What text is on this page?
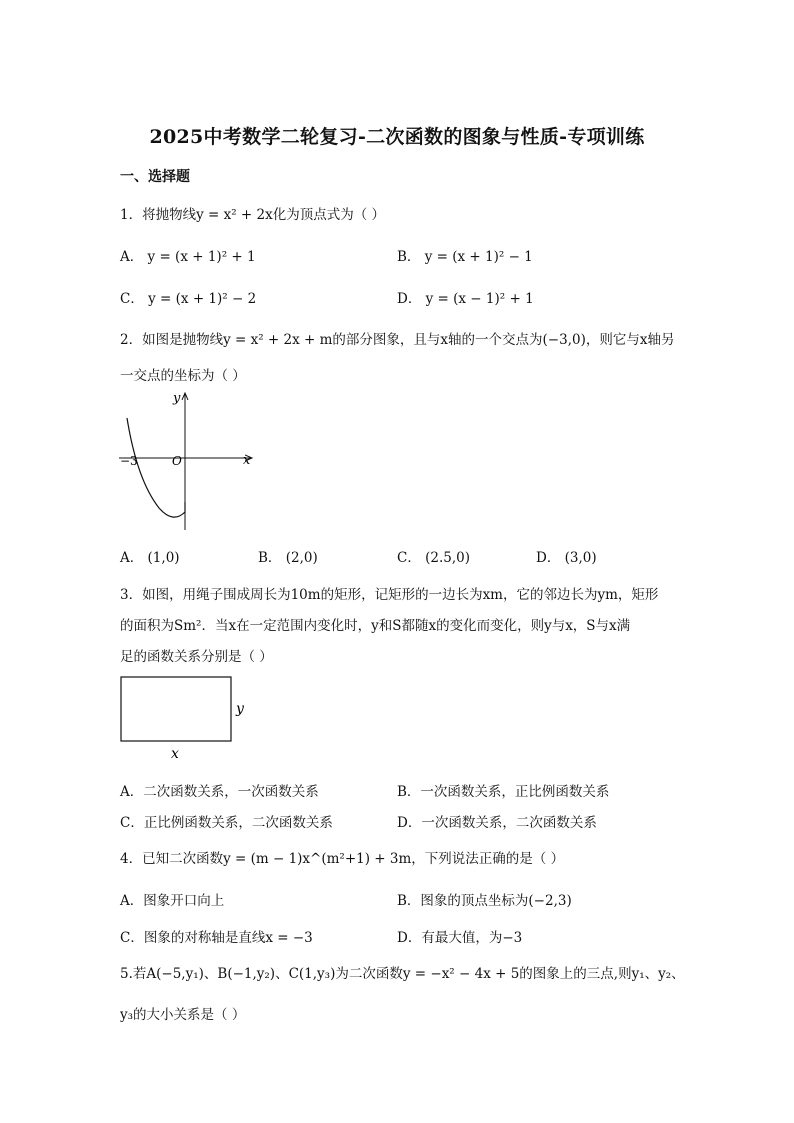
2025中考数学二轮复习-二次函数的图象与性质-专项训练
一、选择题
1．将抛物线y = x² + 2x化为顶点式为（ ）
A． y = (x + 1)² + 1	B． y = (x + 1)² − 1
C． y = (x + 1)² − 2	D． y = (x − 1)² + 1
2．如图是抛物线y = x² + 2x + m的部分图象，且与x轴的一个交点为(−3,0)，则它与x轴另
一交点的坐标为（ ）
y
x
O
−3
A． (1,0)	B． (2,0)	C． (2.5,0)	D． (3,0)
3．如图，用绳子围成周长为10m的矩形，记矩形的一边长为xm，它的邻边长为ym，矩形
的面积为Sm²．当x在一定范围内变化时，y和S都随x的变化而变化，则y与x，S与x满
足的函数关系分别是（ ）
y
x
A．二次函数关系，一次函数关系	B．一次函数关系，正比例函数关系
C．正比例函数关系，二次函数关系	D．一次函数关系，二次函数关系
4．已知二次函数y = (m − 1)x^(m²+1) + 3m，下列说法正确的是（ ）
A．图象开口向上	B．图象的顶点坐标为(−2,3)
C．图象的对称轴是直线x = −3	D．有最大值，为−3
5.若A(−5,y₁)、B(−1,y₂)、C(1,y₃)为二次函数y = −x² − 4x + 5的图象上的三点,则y₁、y₂、
y₃的大小关系是（ ）
